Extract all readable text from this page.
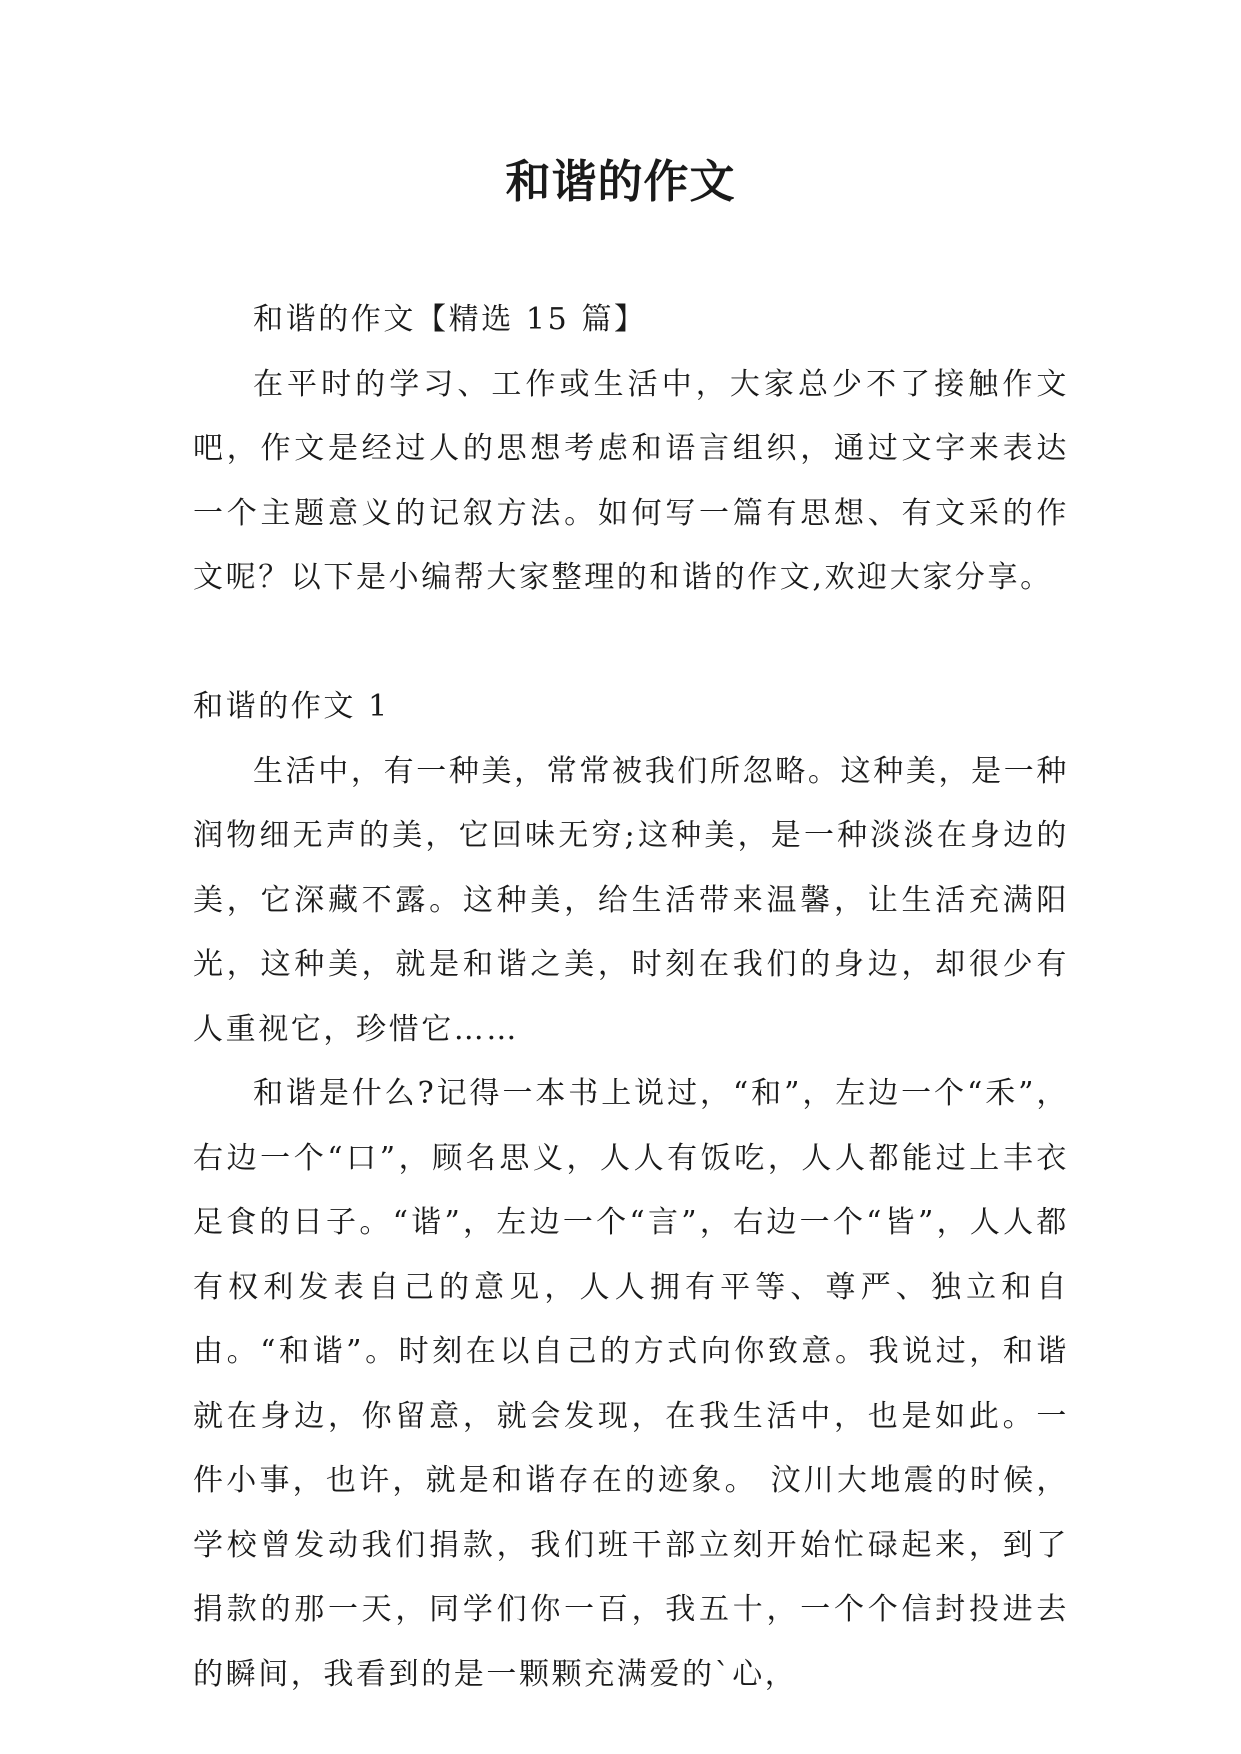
和谐的作文

和谐的作文【精选 15 篇】

在平时的学习、工作或生活中，大家总少不了接触作文吧，作文是经过人的思想考虑和语言组织，通过文字来表达一个主题意义的记叙方法。如何写一篇有思想、有文采的作文呢？以下是小编帮大家整理的和谐的作文,欢迎大家分享。

和谐的作文 1

生活中，有一种美，常常被我们所忽略。这种美，是一种润物细无声的美，它回味无穷;这种美，是一种淡淡在身边的美，它深藏不露。这种美，给生活带来温馨，让生活充满阳光，这种美，就是和谐之美，时刻在我们的身边，却很少有人重视它，珍惜它……

和谐是什么?记得一本书上说过，“和”，左边一个“禾”，右边一个“口”，顾名思义，人人有饭吃，人人都能过上丰衣足食的日子。“谐”，左边一个“言”，右边一个“皆”，人人都有权利发表自己的意见，人人拥有平等、尊严、独立和自由。“和谐”。时刻在以自己的方式向你致意。我说过，和谐就在身边，你留意，就会发现，在我生活中，也是如此。一件小事，也许，就是和谐存在的迹象。 汶川大地震的时候，学校曾发动我们捐款，我们班干部立刻开始忙碌起来，到了捐款的那一天，同学们你一百，我五十，一个个信封投进去的瞬间，我看到的是一颗颗充满爱的`心，
